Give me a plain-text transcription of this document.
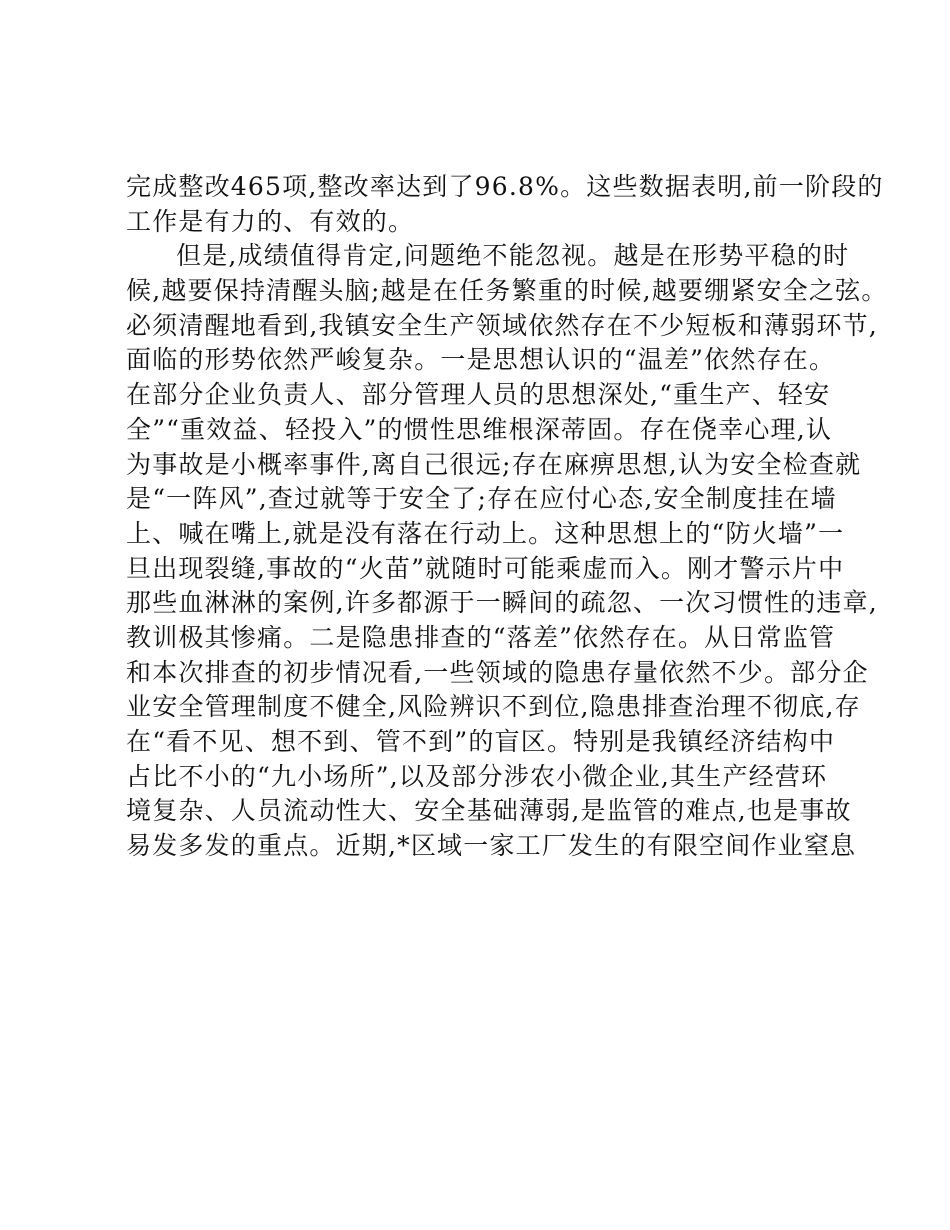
完成整改465项,整改率达到了96.8%。这些数据表明,前一阶段的
工作是有力的、有效的。
但是,成绩值得肯定,问题绝不能忽视。越是在形势平稳的时
候,越要保持清醒头脑;越是在任务繁重的时候,越要绷紧安全之弦。
必须清醒地看到,我镇安全生产领域依然存在不少短板和薄弱环节,
面临的形势依然严峻复杂。一是思想认识的“温差”依然存在。
在部分企业负责人、部分管理人员的思想深处,“重生产、轻安
全”“重效益、轻投入”的惯性思维根深蒂固。存在侥幸心理,认
为事故是小概率事件,离自己很远;存在麻痹思想,认为安全检查就
是“一阵风”,查过就等于安全了;存在应付心态,安全制度挂在墙
上、喊在嘴上,就是没有落在行动上。这种思想上的“防火墙”一
旦出现裂缝,事故的“火苗”就随时可能乘虚而入。刚才警示片中
那些血淋淋的案例,许多都源于一瞬间的疏忽、一次习惯性的违章,
教训极其惨痛。二是隐患排查的“落差”依然存在。从日常监管
和本次排查的初步情况看,一些领域的隐患存量依然不少。部分企
业安全管理制度不健全,风险辨识不到位,隐患排查治理不彻底,存
在“看不见、想不到、管不到”的盲区。特别是我镇经济结构中
占比不小的“九小场所”,以及部分涉农小微企业,其生产经营环
境复杂、人员流动性大、安全基础薄弱,是监管的难点,也是事故
易发多发的重点。近期,*区域一家工厂发生的有限空间作业窒息
